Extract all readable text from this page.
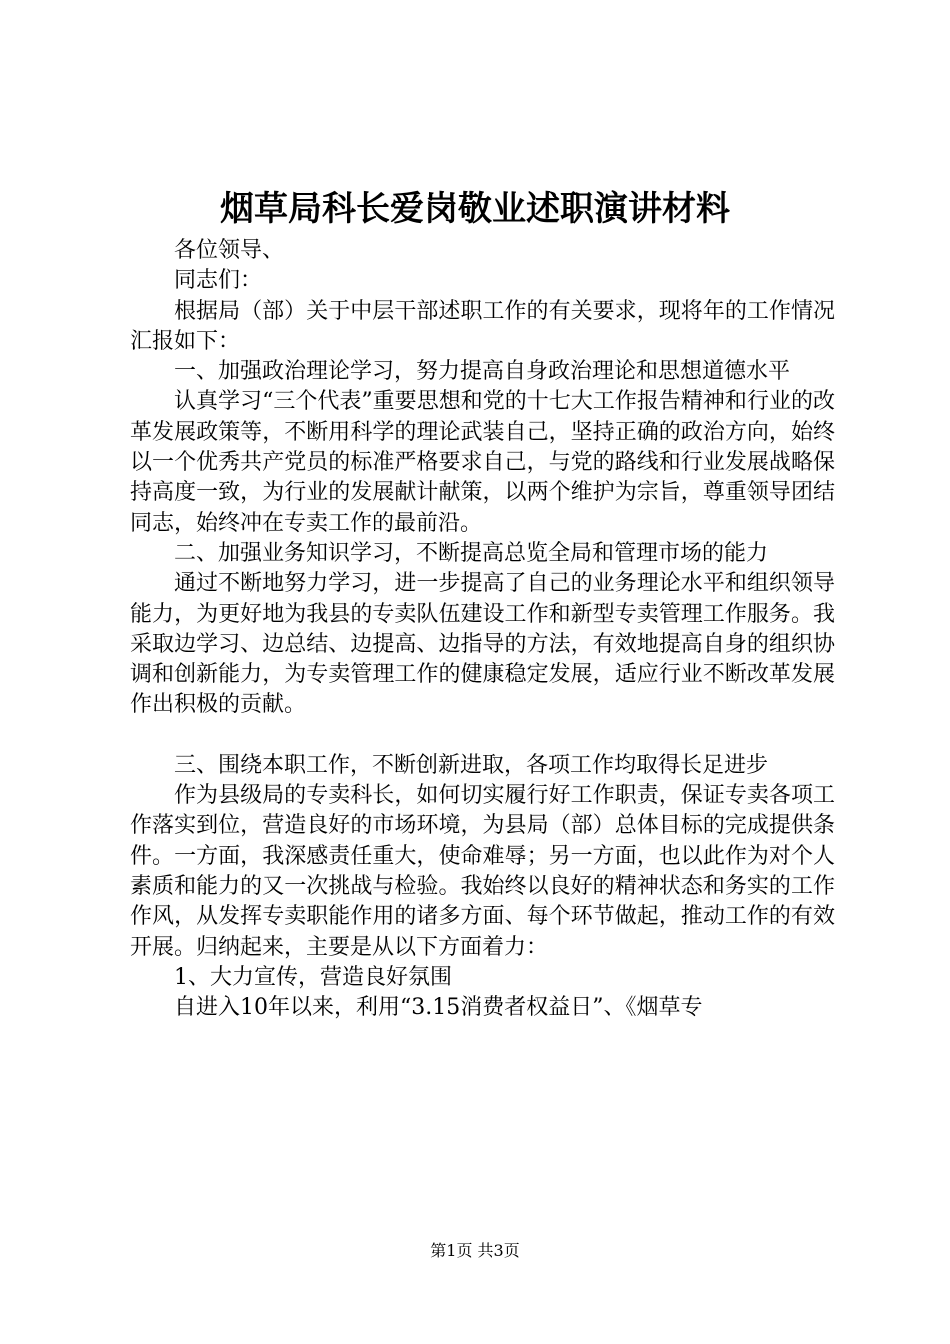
烟草局科长爱岗敬业述职演讲材料

各位领导、

同志们：

根据局（部）关于中层干部述职工作的有关要求，现将年的工作情况汇报如下：

一、加强政治理论学习，努力提高自身政治理论和思想道德水平

认真学习“三个代表”重要思想和党的十七大工作报告精神和行业的改革发展政策等，不断用科学的理论武装自己，坚持正确的政治方向，始终以一个优秀共产党员的标准严格要求自己，与党的路线和行业发展战略保持高度一致，为行业的发展献计献策，以两个维护为宗旨，尊重领导团结同志，始终冲在专卖工作的最前沿。

二、加强业务知识学习，不断提高总览全局和管理市场的能力

通过不断地努力学习，进一步提高了自己的业务理论水平和组织领导能力，为更好地为我县的专卖队伍建设工作和新型专卖管理工作服务。我采取边学习、边总结、边提高、边指导的方法，有效地提高自身的组织协调和创新能力，为专卖管理工作的健康稳定发展，适应行业不断改革发展作出积极的贡献。

三、围绕本职工作，不断创新进取，各项工作均取得长足进步

作为县级局的专卖科长，如何切实履行好工作职责，保证专卖各项工作落实到位，营造良好的市场环境，为县局（部）总体目标的完成提供条件。一方面，我深感责任重大，使命难辱；另一方面，也以此作为对个人素质和能力的又一次挑战与检验。我始终以良好的精神状态和务实的工作作风，从发挥专卖职能作用的诸多方面、每个环节做起，推动工作的有效开展。归纳起来，主要是从以下方面着力：

1、大力宣传，营造良好氛围

自进入10年以来，利用“3.15消费者权益日”、《烟草专

第1页 共3页
